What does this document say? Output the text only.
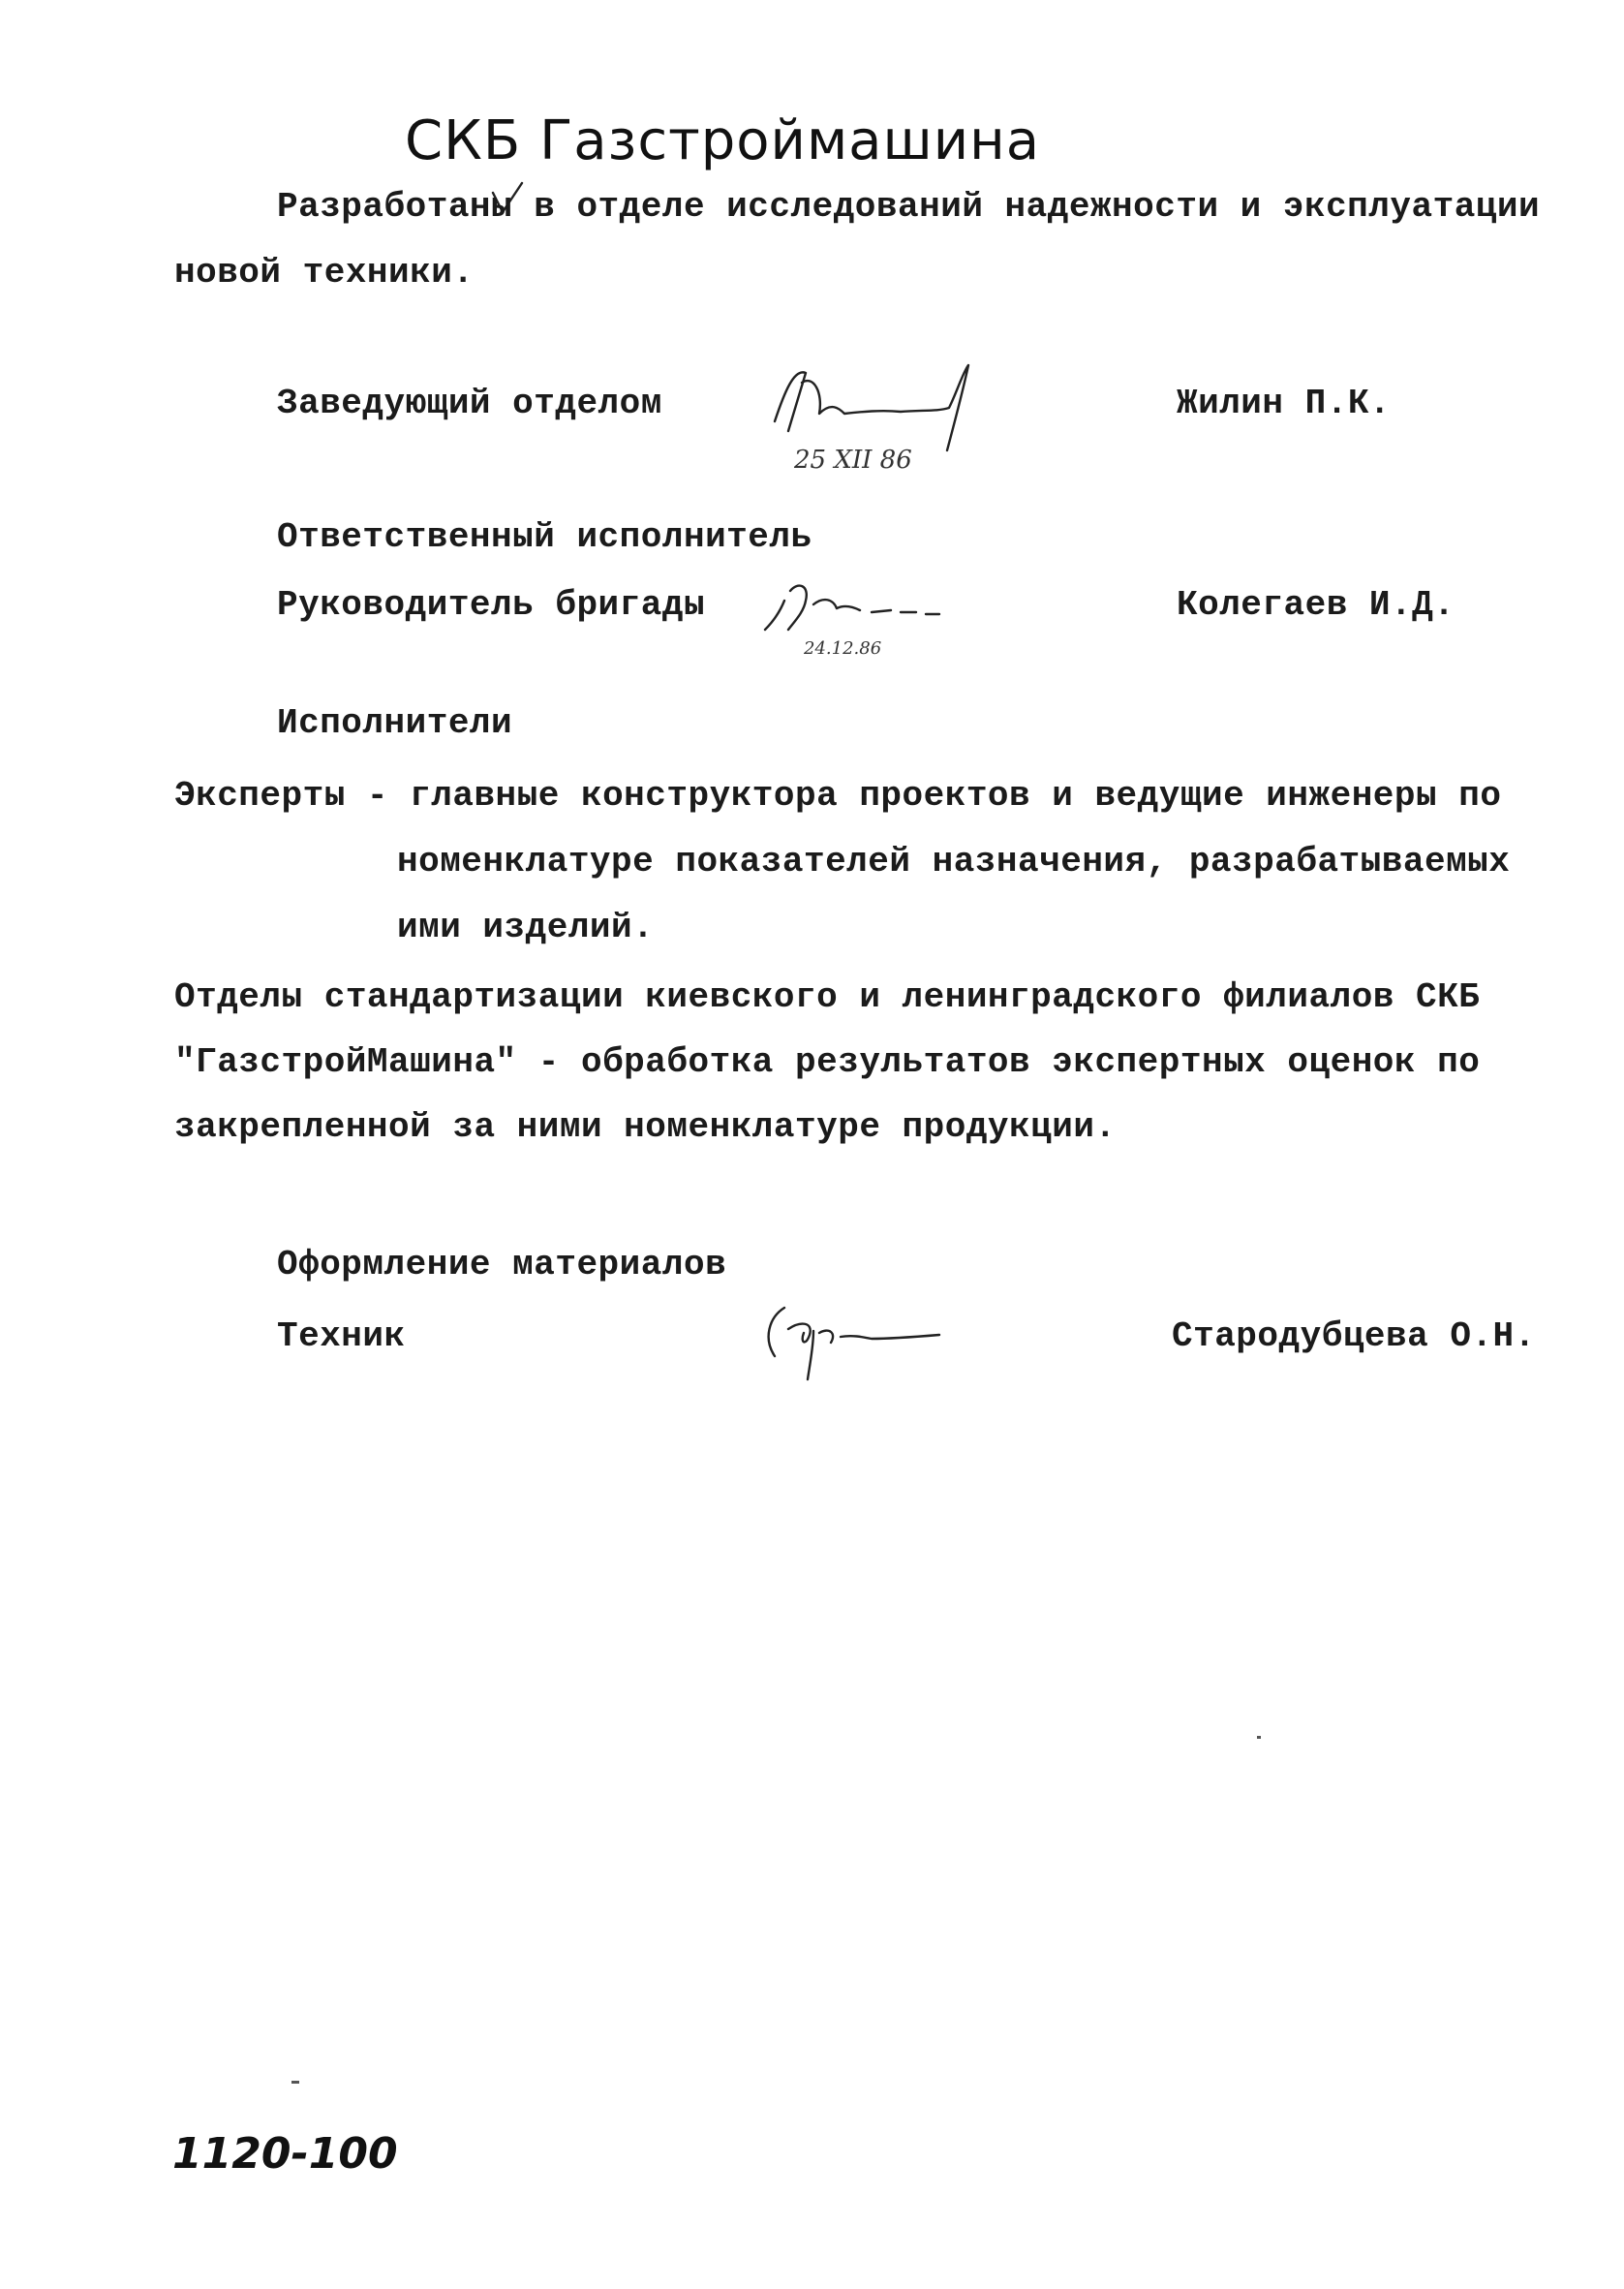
СКБ Газстроймашина
Разработаны в отделе исследований надежности и эксплуатации
новой техники.
Заведующий отделом
25 XII 86
Жилин П.К.
Ответственный исполнитель
Руководитель бригады
24.12.86
Колегаев И.Д.
Исполнители
Эксперты - главные конструктора проектов и ведущие инженеры по
номенклатуре показателей назначения, разрабатываемых
ими изделий.
Отделы стандартизации киевского и ленинградского филиалов СКБ
"ГазстройМашина" - обработка результатов экспертных оценок по
закрепленной за ними номенклатуре продукции.
Оформление материалов
Техник	Стародубцева О.Н.
1120-100
